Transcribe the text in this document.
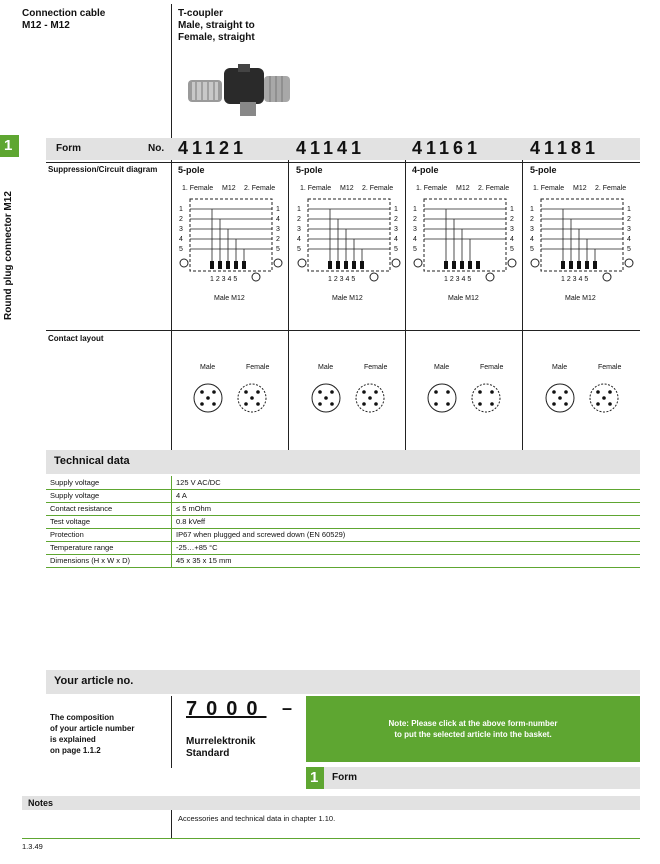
Connection cable
M12 - M12
T-coupler
Male, straight to
Female, straight
1
Round plug connector M12
Form	No. 41121	41141	41161	41181
Suppression/Circuit diagram 5-pole	5-pole	4-pole	5-pole
1. Female M12 2. Female
1
2
3
4
5
1
4
3
2
5
1 2 3 4 5
Male M12
1. Female M12 2. Female
1
2
3
4
5
1
2
3
4
5
1 2 3 4 5
Male M12
1. Female M12 2. Female
1
2
3
4
5
1
2
3
4
5
1 2 3 4 5
Male M12
1. Female M12 2. Female
1
2
3
4
5
1
2
3
4
5
1 2 3 4 5
Male M12
Contact layout
Male	Female	Male	Female	Male	Female	Male	Female
Technical data
Supply voltage	125 V AC/DC
Supply voltage	4 A
Contact resistance	≤ 5 mOhm
Test voltage	0.8 kVeff
Protection	IP67 when plugged and screwed down (EN 60529)
Temperature range	-25…+85 °C
Dimensions (H x W x D)	45 x 35 x 15 mm
Your article no.
The composition
of your article number
is explained
on page 1.1.2
7000 –
Murrelektronik
Standard
Note: Please click at the above form-number
to put the selected article into the basket.
1 Form
Notes
Accessories and technical data in chapter 1.10.
1.3.49
